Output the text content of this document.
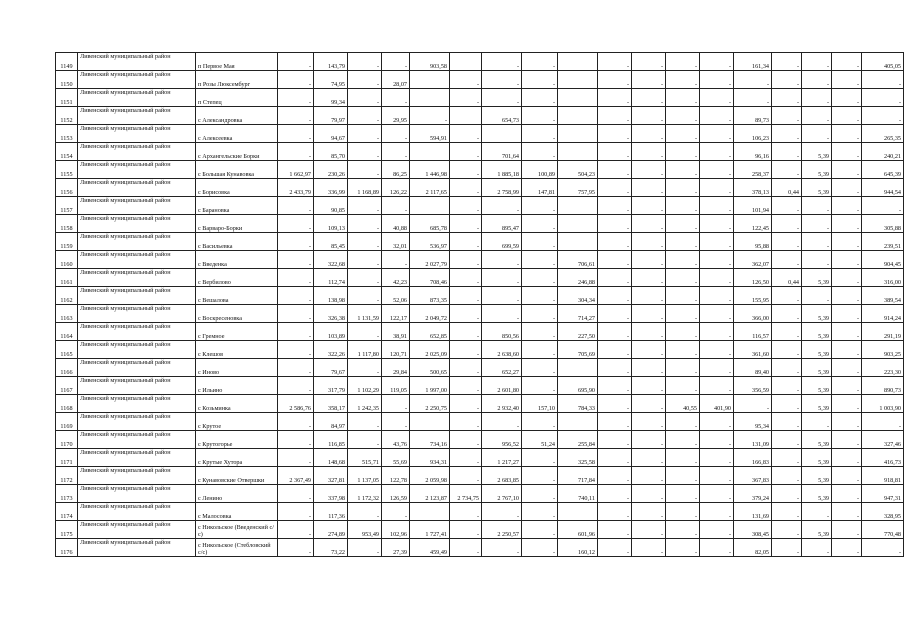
1149	Ливенский муниципальный район	п Первое Мая	-	143,79	-	-	903,58		-	-		-	-	-	-	161,34	-	-	-	405,05
1150	Ливенский муниципальный район	п Розы Люксембург	-	74,95	-	28,07		-	-	-		-	-	-	-	-	-	-	-	-
1151	Ливенский муниципальный район	п Степец	-	99,34	-	-		-	-	-		-	-	-	-	-	-	-	-	-
1152	Ливенский муниципальный район	с Александровка	-	79,97	-	29,95	-		654,73	-		-	-	-	-	89,73	-	-	-	-
1153	Ливенский муниципальный район	с Алексеевка	-	94,67	-	-	594,91	-		-		-	-	-	-	106,23	-	-	-	265,35
1154	Ливенский муниципальный район	с Архангельские Борки	-	85,70	-	-		-	701,64	-		-	-	-	-	96,16	-	5,39	-	240,21
1155	Ливенский муниципальный район	с Большая Кунавовка	1 662,97	230,26	-	86,25	1 446,98	-	1 885,18	100,89	504,23	-	-	-	-	258,37	-	5,39	-	645,39
1156	Ливенский муниципальный район	с Борисовка	2 433,79	336,99	1 168,89	126,22	2 117,65	-	2 758,99	147,81	757,95	-	-	-	-	378,13	0,44	5,39	-	944,54
1157	Ливенский муниципальный район	с Барановка	-	90,85	-	-		-	-	-		-	-	-	-	101,94	-	-	-	-
1158	Ливенский муниципальный район	с Варваро-Борки	-	109,13	-	40,88	685,78	-	895,47	-		-	-	-	-	122,45	-	-	-	305,88
1159	Ливенский муниципальный район	с Васильевка	-	85,45	-	32,01	536,97	-	699,59	-		-	-	-	-	95,88	-	-	-	239,51
1160	Ливенский муниципальный район	с Введенка	-	322,68	-	-	2 027,79	-	-	-	706,61	-	-	-	-	362,07	-	-	-	904,45
1161	Ливенский муниципальный район	с Вербилово	-	112,74	-	42,23	708,46	-	-	-	246,88	-	-	-	-	126,50	0,44	5,39	-	316,00
1162	Ливенский муниципальный район	с Вешалова	-	138,98	-	52,06	873,35	-	-	-	304,34	-	-	-	-	155,95	-	-	-	389,54
1163	Ливенский муниципальный район	с Воскресеновка	-	326,38	1 131,59	122,17	2 049,72	-	-	-	714,27	-	-	-	-	366,00	-	5,39	-	914,24
1164	Ливенский муниципальный район	с Гремное	-	103,89	-	38,91	652,85	-	850,56	-	227,50	-	-	-	-	116,57	-	5,39	-	291,19
1165	Ливенский муниципальный район	с Клешов	-	322,26	1 117,80	120,71	2 025,09	-	2 638,60	-	705,69	-	-	-	-	361,60	-	5,39	-	903,25
1166	Ливенский муниципальный район	с Иново	-	79,67	-	29,84	500,65	-	652,27	-		-	-	-	-	89,40	-	5,39	-	223,30
1167	Ливенский муниципальный район	с Ильино	-	317,79	1 102,29	119,05	1 997,00	-	2 601,80	-	695,90	-	-	-	-	356,59	-	5,39	-	890,73
1168	Ливенский муниципальный район	с Козьминка	2 586,76	358,17	1 242,35	-	2 250,75	-	2 932,40	157,10	784,33	-	-	40,55	401,90	-	-	5,39	-	1 003,90
1169	Ливенский муниципальный район	с Крутое	-	84,97	-	-		-	-	-		-	-	-	-	95,34	-	-	-	-
1170	Ливенский муниципальный район	с Крутогорье	-	116,85	-	43,76	734,16	-	956,52	51,24	255,84	-	-	-	-	131,09	-	5,39	-	327,46
1171	Ливенский муниципальный район	с Крутые Хутора	-	148,68	515,71	55,69	934,31	-	1 217,27	-	325,58	-	-	-	-	166,83	-	5,39	-	416,73
1172	Ливенский муниципальный район	с Кунавовские Отвершки	2 367,49	327,81	1 137,05	122,78	2 059,98	-	2 683,85	-	717,84	-	-	-	-	367,83	-	5,39	-	918,81
1173	Ливенский муниципальный район	с Ленино	-	337,98	1 172,32	126,59	2 123,87	2 734,75	2 767,10	-	740,11	-	-	-	-	379,24	-	5,39	-	947,31
1174	Ливенский муниципальный район	с Малосовка	-	117,36	-	-		-	-	-		-	-	-	-	131,69	-	-	-	328,95
1175	Ливенский муниципальный район	с Никольское (Введенский с/с)	-	274,89	953,49	102,96	1 727,41	-	2 250,57	-	601,96	-	-	-	-	308,45	-	5,39	-	770,48
1176	Ливенский муниципальный район	с Никольское (Стебловский с/с)	-	73,22	-	27,39	459,49	-	-	-	160,12	-	-	-	-	82,05	-	-	-	-
